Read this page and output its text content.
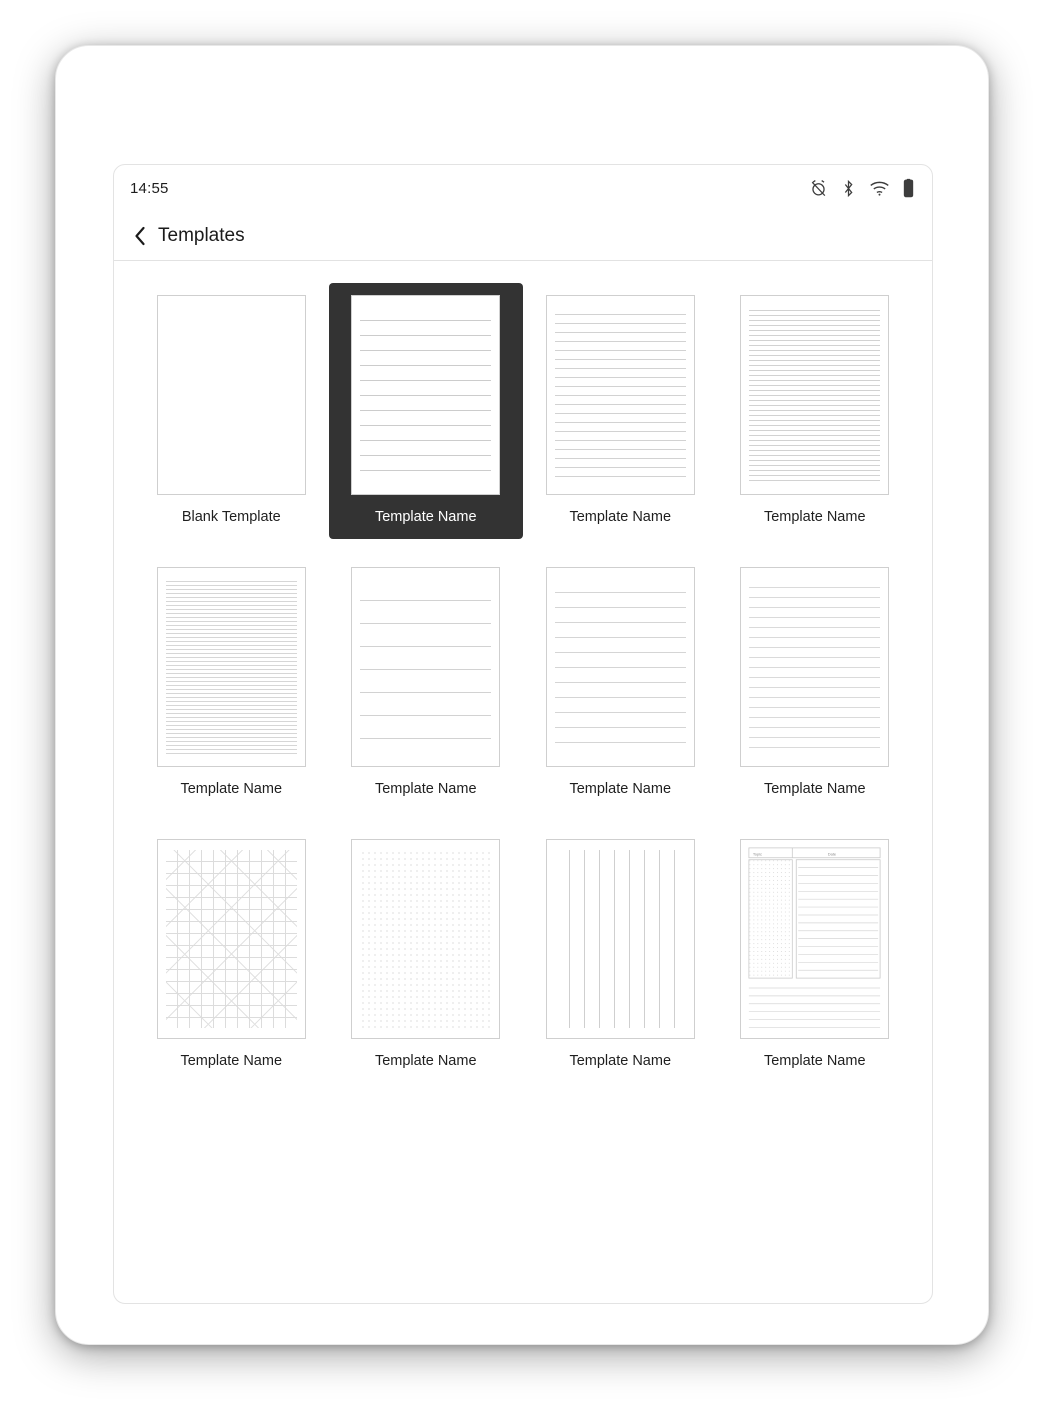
14:55
Templates
Blank Template	Template Name	Template Name	Template Name
Template Name	Template Name	Template Name	Template Name
Template Name	Template Name	Template Name
Topic	Date
Template Name
